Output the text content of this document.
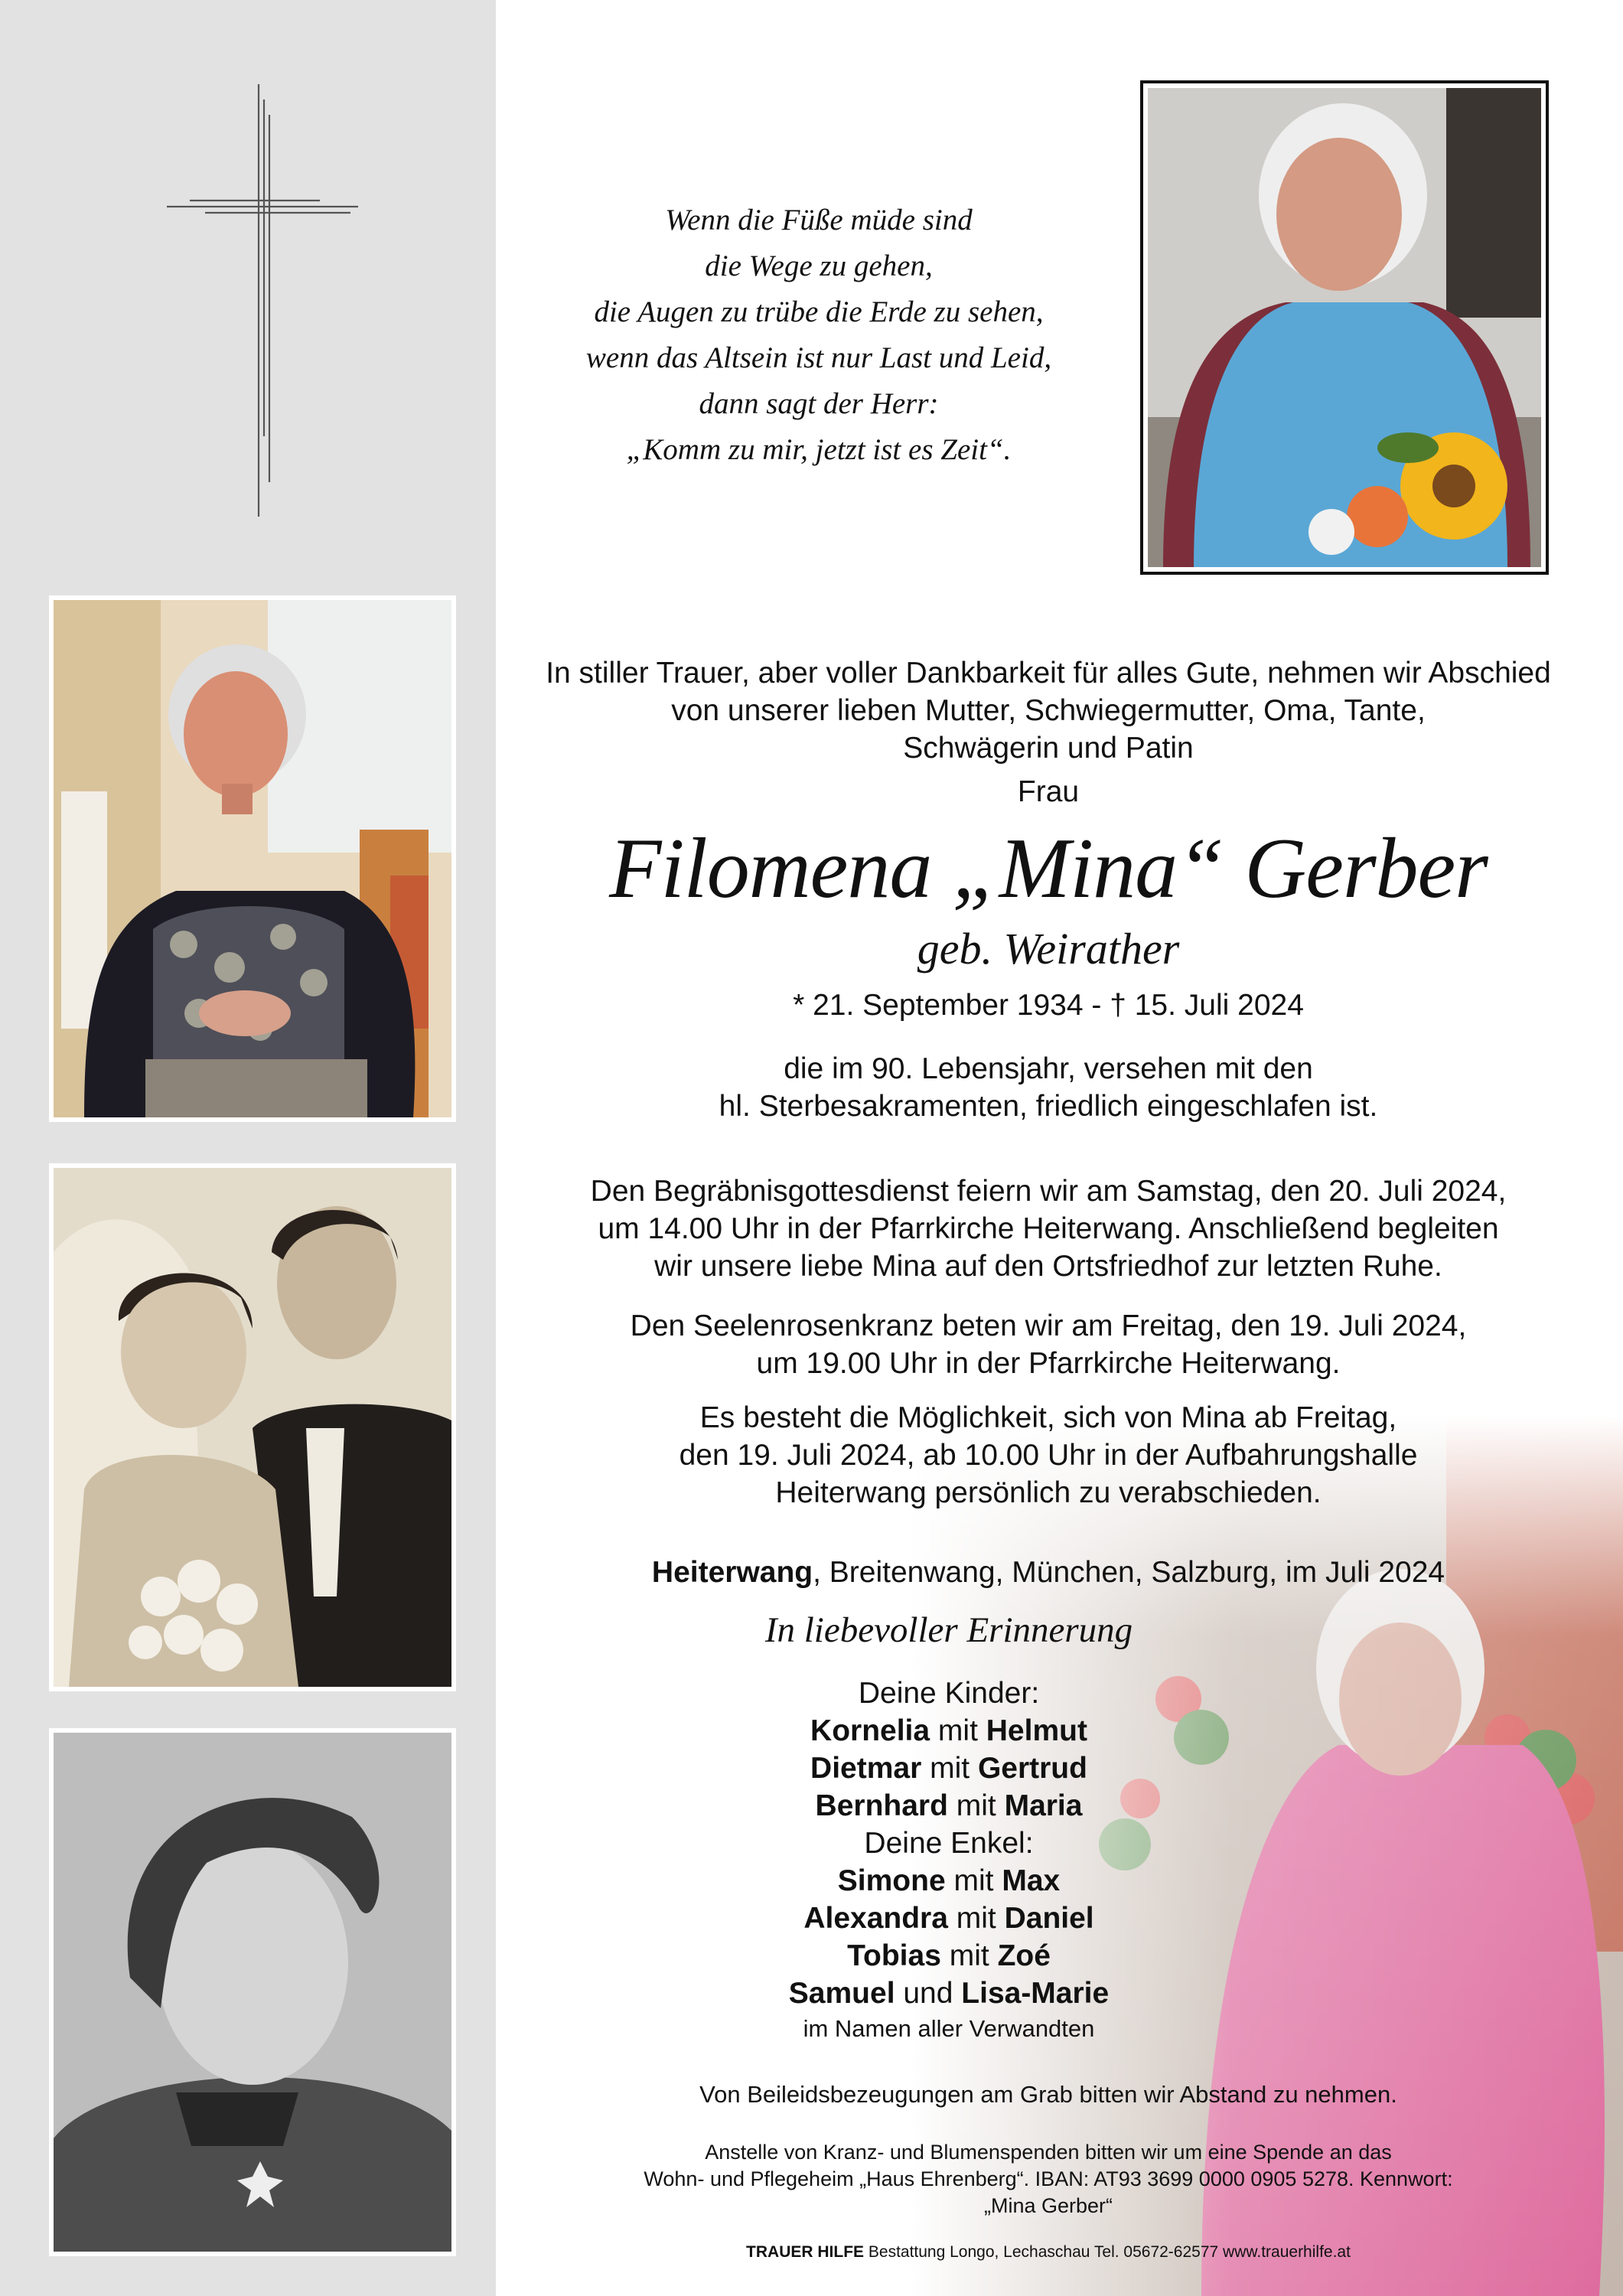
Wenn die Füße müde sind
die Wege zu gehen,
die Augen zu trübe die Erde zu sehen,
wenn das Altsein ist nur Last und Leid,
dann sagt der Herr:
„Komm zu mir, jetzt ist es Zeit“.
In stiller Trauer, aber voller Dankbarkeit für alles Gute, nehmen wir Abschied
von unserer lieben Mutter, Schwiegermutter, Oma, Tante,
Schwägerin und Patin
Frau
Filomena „Mina“ Gerber
geb. Weirather
* 21. September 1934 - † 15. Juli 2024
die im 90. Lebensjahr, versehen mit den
hl. Sterbesakramenten, friedlich eingeschlafen ist.
Den Begräbnisgottesdienst feiern wir am Samstag, den 20. Juli 2024,
um 14.00 Uhr in der Pfarrkirche Heiterwang. Anschließend begleiten
wir unsere liebe Mina auf den Ortsfriedhof zur letzten Ruhe.
Den Seelenrosenkranz beten wir am Freitag, den 19. Juli 2024,
um 19.00 Uhr in der Pfarrkirche Heiterwang.
Es besteht die Möglichkeit, sich von Mina ab Freitag,
den 19. Juli 2024, ab 10.00 Uhr in der Aufbahrungshalle
Heiterwang persönlich zu verabschieden.
Heiterwang, Breitenwang, München, Salzburg, im Juli 2024
In liebevoller Erinnerung
Deine Kinder:
Kornelia mit Helmut
Dietmar mit Gertrud
Bernhard mit Maria
Deine Enkel:
Simone mit Max
Alexandra mit Daniel
Tobias mit Zoé
Samuel und Lisa-Marie
im Namen aller Verwandten
Von Beileidsbezeugungen am Grab bitten wir Abstand zu nehmen.
Anstelle von Kranz- und Blumenspenden bitten wir um eine Spende an das
Wohn- und Pflegeheim „Haus Ehrenberg“. IBAN: AT93 3699 0000 0905 5278. Kennwort:
„Mina Gerber“
TRAUER HILFE Bestattung Longo, Lechaschau Tel. 05672-62577 www.trauerhilfe.at
